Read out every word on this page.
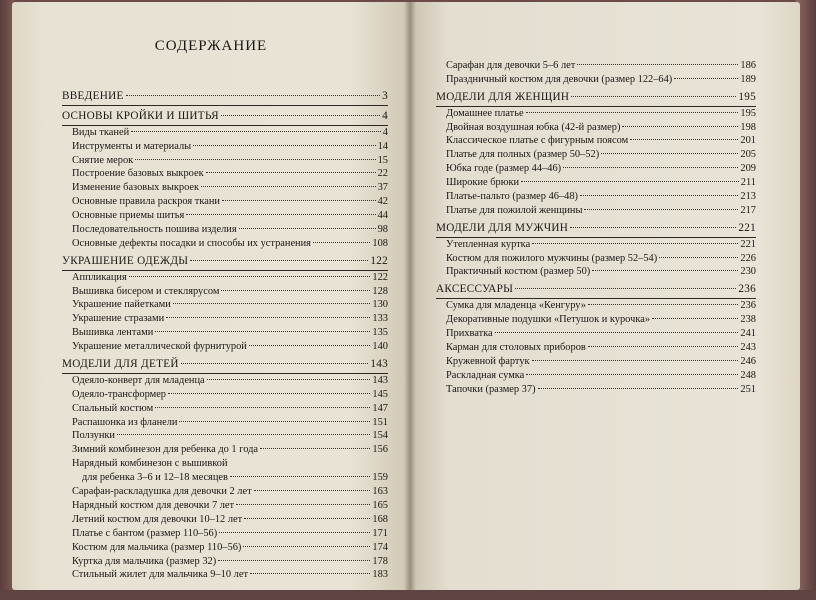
СОДЕРЖАНИЕ
ВВЕДЕНИЕ	3
ОСНОВЫ КРОЙКИ И ШИТЬЯ	4
Виды тканей	4
Инструменты и материалы	14
Снятие мерок	15
Построение базовых выкроек	22
Изменение базовых выкроек	37
Основные правила раскроя ткани	42
Основные приемы шитья	44
Последовательность пошива изделия	98
Основные дефекты посадки и способы их устранения	108
УКРАШЕНИЕ ОДЕЖДЫ	122
Аппликация	122
Вышивка бисером и стеклярусом	128
Украшение пайетками	130
Украшение стразами	133
Вышивка лентами	135
Украшение металлической фурнитурой	140
МОДЕЛИ ДЛЯ ДЕТЕЙ	143
Одеяло-конверт для младенца	143
Одеяло-трансформер	145
Спальный костюм	147
Распашонка из фланели	151
Ползунки	154
Зимний комбинезон для ребенка до 1 года	156
Нарядный комбинезон с вышивкой
для ребенка 3–6 и 12–18 месяцев	159
Сарафан-раскладушка для девочки 2 лет	163
Нарядный костюм для девочки 7 лет	165
Летний костюм для девочки 10–12 лет	168
Платье с бантом (размер 110–56)	171
Костюм для мальчика (размер 110–56)	174
Куртка для мальчика (размер 32)	178
Стильный жилет для мальчика 9–10 лет	183
Сарафан для девочки 5–6 лет	186
Праздничный костюм для девочки (размер 122–64)	189
МОДЕЛИ ДЛЯ ЖЕНЩИН	195
Домашнее платье	195
Двойная воздушная юбка (42-й размер)	198
Классическое платье с фигурным поясом	201
Платье для полных (размер 50–52)	205
Юбка годе (размер 44–46)	209
Широкие брюки	211
Платье-пальто (размер 46–48)	213
Платье для пожилой женщины	217
МОДЕЛИ ДЛЯ МУЖЧИН	221
Утепленная куртка	221
Костюм для пожилого мужчины (размер 52–54)	226
Практичный костюм (размер 50)	230
АКСЕССУАРЫ	236
Сумка для младенца «Кенгуру»	236
Декоративные подушки «Петушок и курочка»	238
Прихватка	241
Карман для столовых приборов	243
Кружевной фартук	246
Раскладная сумка	248
Тапочки (размер 37)	251
